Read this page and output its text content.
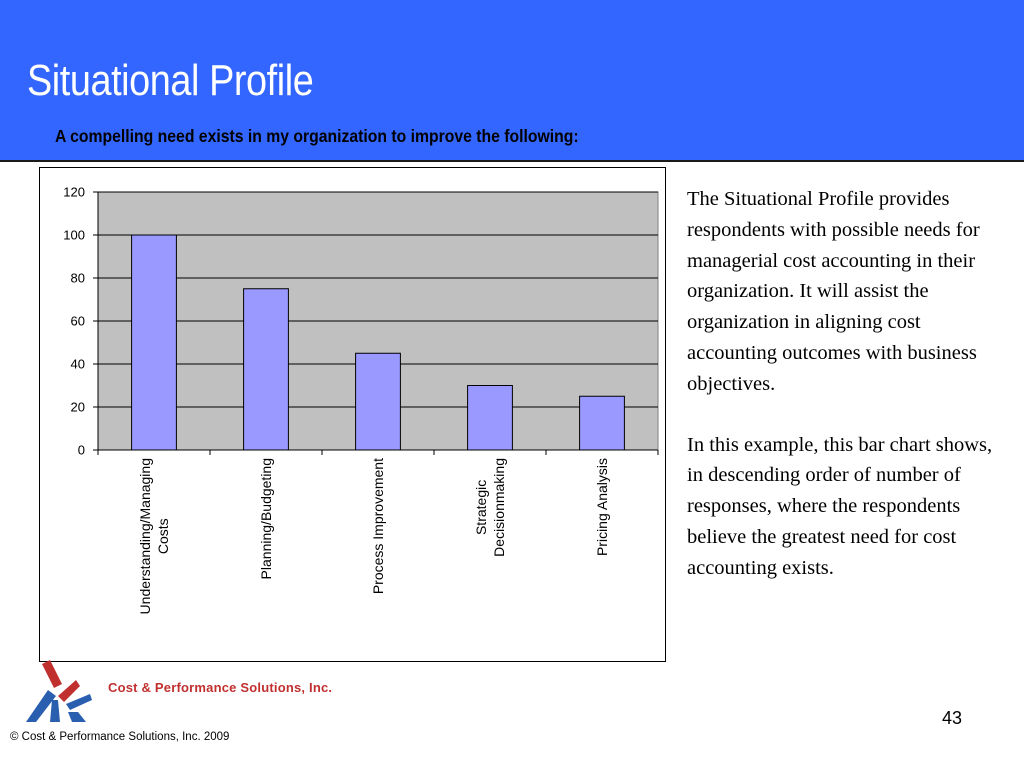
Situational Profile
A compelling need exists in my organization to improve the following:
0
20
40
60
80
100
120
Understanding/Managing Costs	Planning/Budgeting	Process Improvement	Strategic Decisionmaking	Pricing Analysis

The Situational Profile provides respondents with possible needs for managerial cost accounting in their organization. It will assist the organization in aligning cost accounting outcomes with business objectives.

In this example, this bar chart shows, in descending order of number of responses, where the respondents believe the greatest need for cost accounting exists.

Cost & Performance Solutions, Inc.
43
© Cost & Performance Solutions, Inc. 2009
